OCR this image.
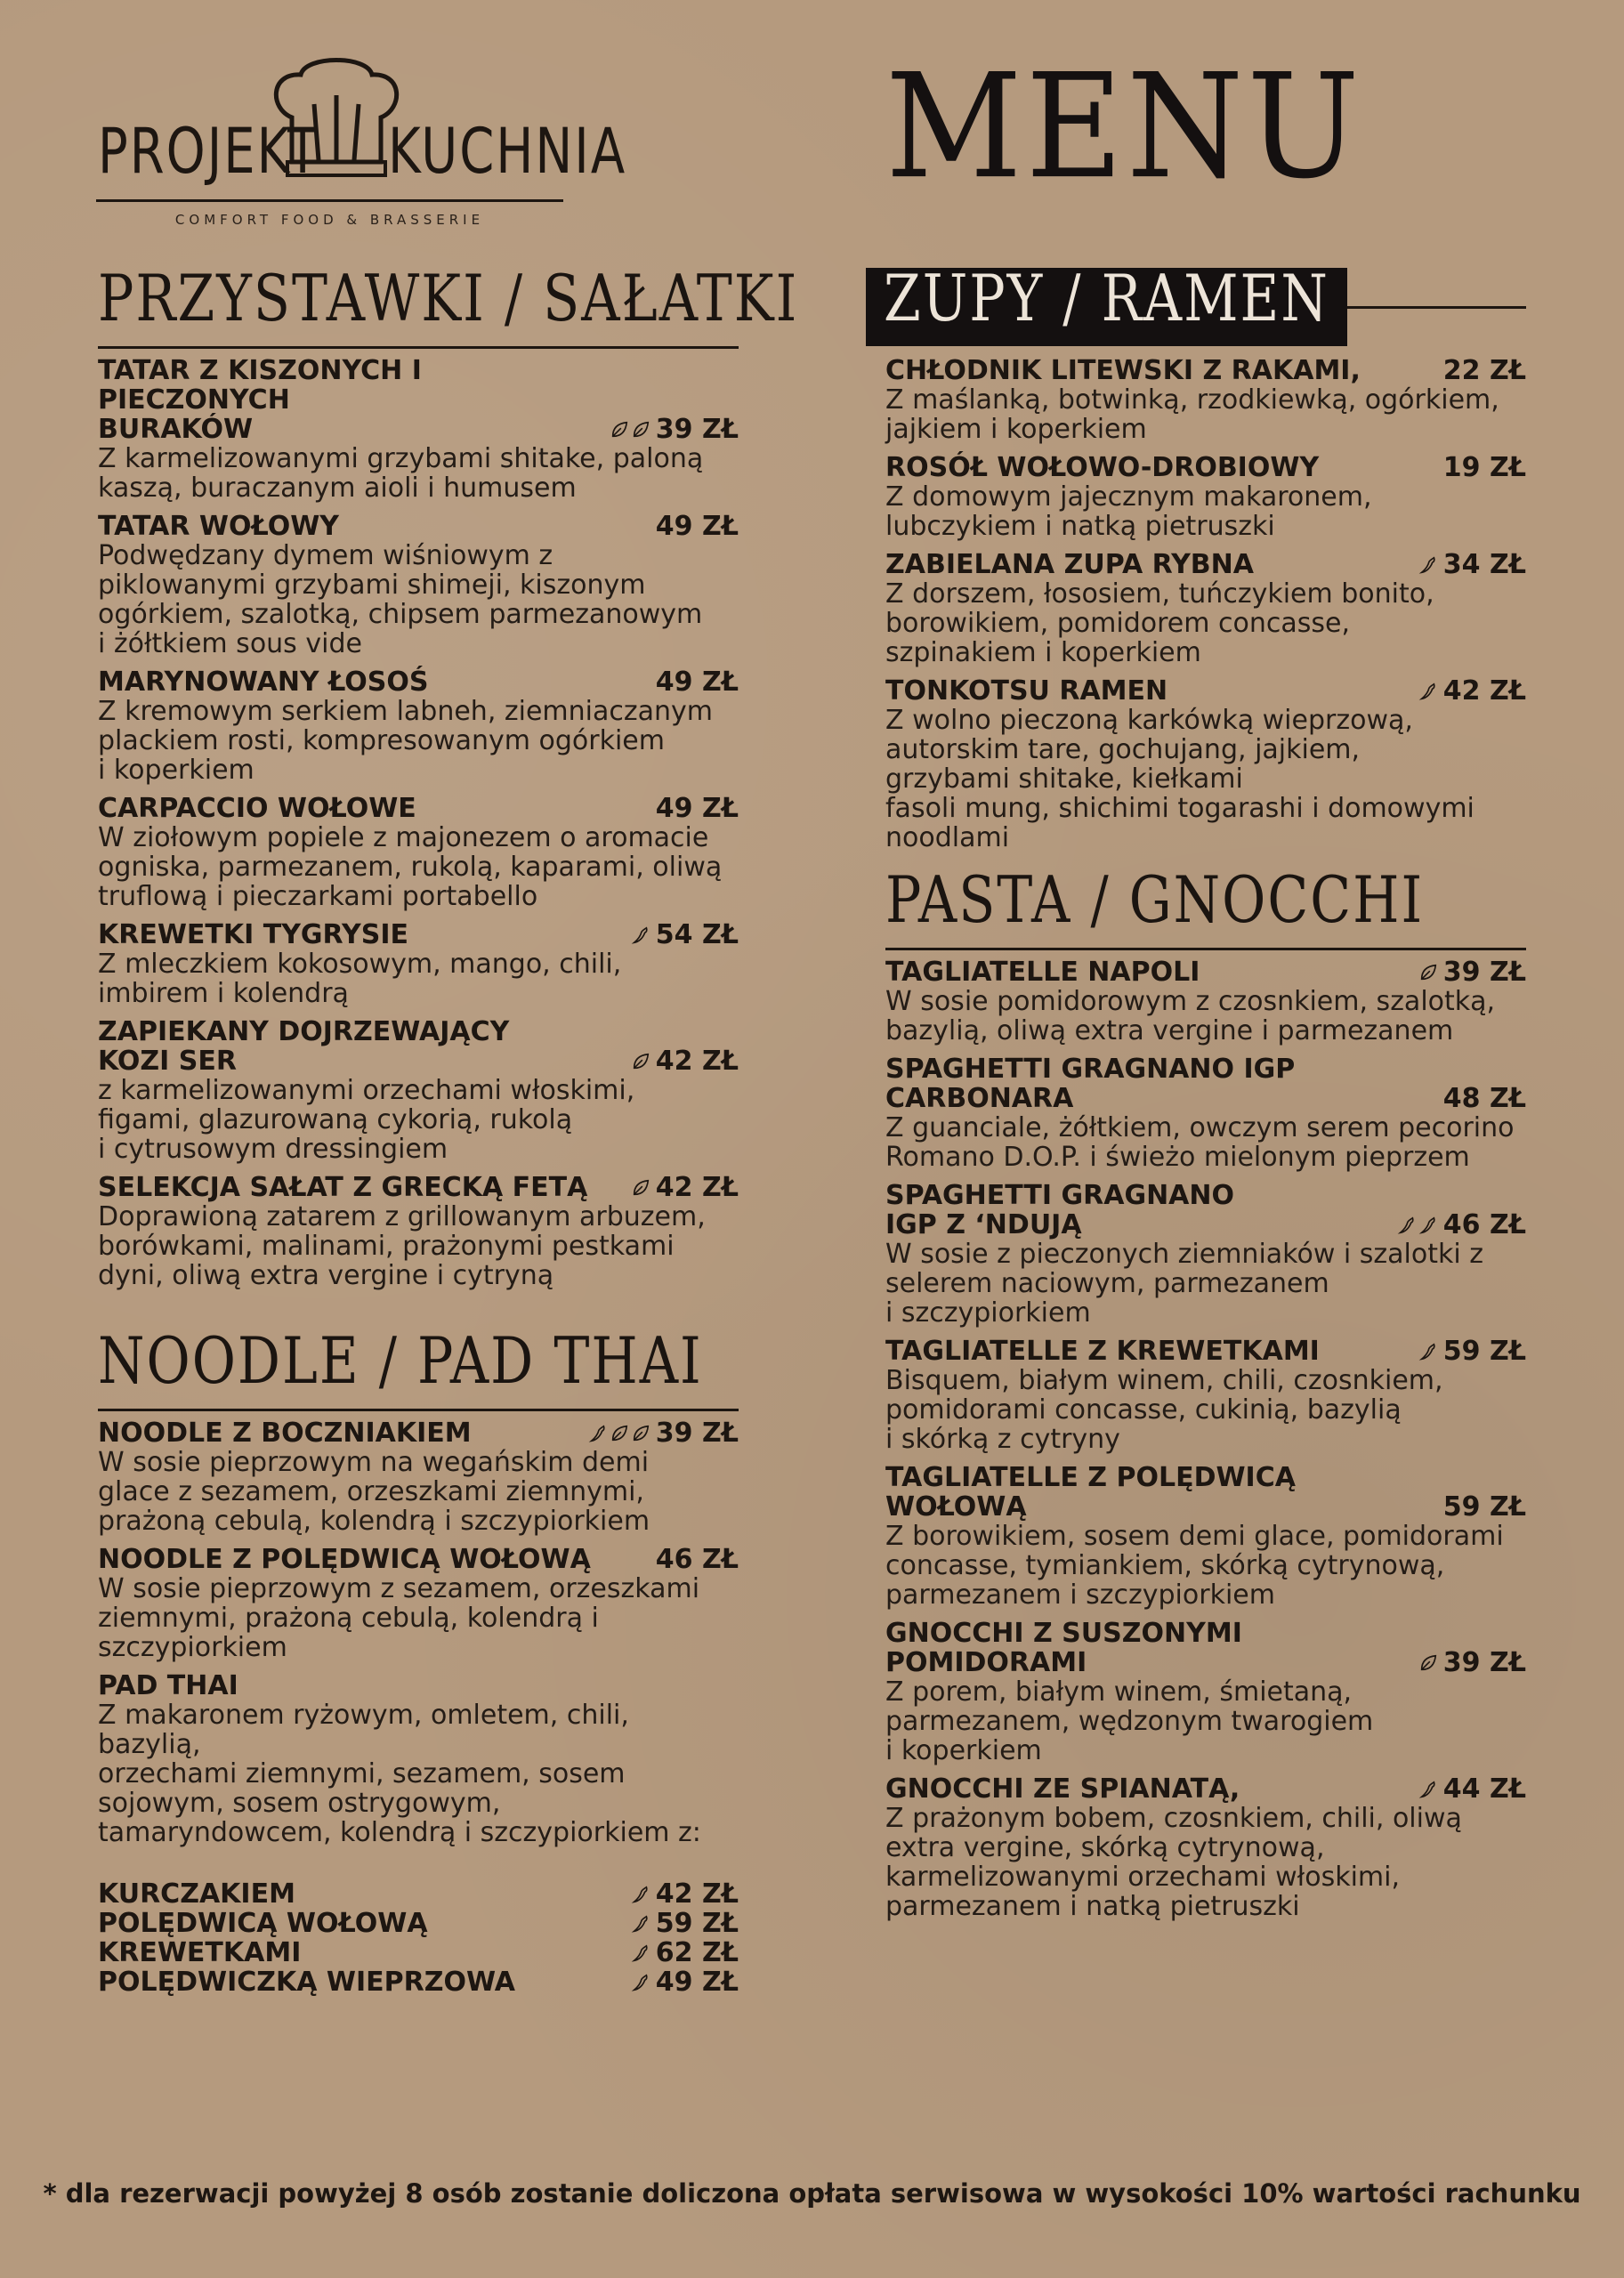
PROJEKT KUCHNIA
COMFORT FOOD & BRASSERIE
MENU
PRZYSTAWKI / SAŁATKI
TATAR Z KISZONYCH I PIECZONYCH
BURAKÓW	39 ZŁ
Z karmelizowanymi grzybami shitake, paloną
kaszą, buraczanym aioli i humusem
TATAR WOŁOWY	49 ZŁ
Podwędzany dymem wiśniowym z
piklowanymi grzybami shimeji, kiszonym
ogórkiem, szalotką, chipsem parmezanowym
i żółtkiem sous vide
MARYNOWANY ŁOSOŚ	49 ZŁ
Z kremowym serkiem labneh, ziemniaczanym
plackiem rosti, kompresowanym ogórkiem
i koperkiem
CARPACCIO WOŁOWE	49 ZŁ
W ziołowym popiele z majonezem o aromacie
ogniska, parmezanem, rukolą, kaparami, oliwą
truflową i pieczarkami portabello
KREWETKI TYGRYSIE	54 ZŁ
Z mleczkiem kokosowym, mango, chili,
imbirem i kolendrą
ZAPIEKANY DOJRZEWAJĄCY
KOZI SER	42 ZŁ
z karmelizowanymi orzechami włoskimi,
figami, glazurowaną cykorią, rukolą
i cytrusowym dressingiem
SELEKCJA SAŁAT Z GRECKĄ FETĄ	42 ZŁ
Doprawioną zatarem z grillowanym arbuzem,
borówkami, malinami, prażonymi pestkami
dyni, oliwą extra vergine i cytryną
NOODLE / PAD THAI
NOODLE Z BOCZNIAKIEM	39 ZŁ
W sosie pieprzowym na wegańskim demi
glace z sezamem, orzeszkami ziemnymi,
prażoną cebulą, kolendrą i szczypiorkiem
NOODLE Z POLĘDWICĄ WOŁOWĄ 46 ZŁ
W sosie pieprzowym z sezamem, orzeszkami
ziemnymi, prażoną cebulą, kolendrą i
szczypiorkiem
PAD THAI
Z makaronem ryżowym, omletem, chili, bazylią,
orzechami ziemnymi, sezamem, sosem
sojowym, sosem ostrygowym,
tamaryndowcem, kolendrą i szczypiorkiem z:
KURCZAKIEM	42 ZŁ
POLĘDWICĄ WOŁOWĄ	59 ZŁ
KREWETKAMI	62 ZŁ
POLĘDWICZKĄ WIEPRZOWA	49 ZŁ
ZUPY / RAMEN
CHŁODNIK LITEWSKI Z RAKAMI,	22 ZŁ
Z maślanką, botwinką, rzodkiewką, ogórkiem,
jajkiem i koperkiem
ROSÓŁ WOŁOWO-DROBIOWY	19 ZŁ
Z domowym jajecznym makaronem,
lubczykiem i natką pietruszki
ZABIELANA ZUPA RYBNA	34 ZŁ
Z dorszem, łososiem, tuńczykiem bonito,
borowikiem, pomidorem concasse,
szpinakiem i koperkiem
TONKOTSU RAMEN	42 ZŁ
Z wolno pieczoną karkówką wieprzową,
autorskim tare, gochujang, jajkiem,
grzybami shitake, kiełkami
fasoli mung, shichimi togarashi i domowymi
noodlami
PASTA / GNOCCHI
TAGLIATELLE NAPOLI	39 ZŁ
W sosie pomidorowym z czosnkiem, szalotką,
bazylią, oliwą extra vergine i parmezanem
SPAGHETTI GRAGNANO IGP
CARBONARA	48 ZŁ
Z guanciale, żółtkiem, owczym serem pecorino
Romano D.O.P. i świeżo mielonym pieprzem
SPAGHETTI GRAGNANO
IGP Z ‘NDUJĄ	46 ZŁ
W sosie z pieczonych ziemniaków i szalotki z
selerem naciowym, parmezanem
i szczypiorkiem
TAGLIATELLE Z KREWETKAMI	59 ZŁ
Bisquem, białym winem, chili, czosnkiem,
pomidorami concasse, cukinią, bazylią
i skórką z cytryny
TAGLIATELLE Z POLĘDWICĄ
WOŁOWĄ	59 ZŁ
Z borowikiem, sosem demi glace, pomidorami
concasse, tymiankiem, skórką cytrynową,
parmezanem i szczypiorkiem
GNOCCHI Z SUSZONYMI
POMIDORAMI	39 ZŁ
Z porem, białym winem, śmietaną,
parmezanem, wędzonym twarogiem
i koperkiem
GNOCCHI ZE SPIANATĄ,	44 ZŁ
Z prażonym bobem, czosnkiem, chili, oliwą
extra vergine, skórką cytrynową,
karmelizowanymi orzechami włoskimi,
parmezanem i natką pietruszki
* dla rezerwacji powyżej 8 osób zostanie doliczona opłata serwisowa w wysokości 10% wartości rachunku
